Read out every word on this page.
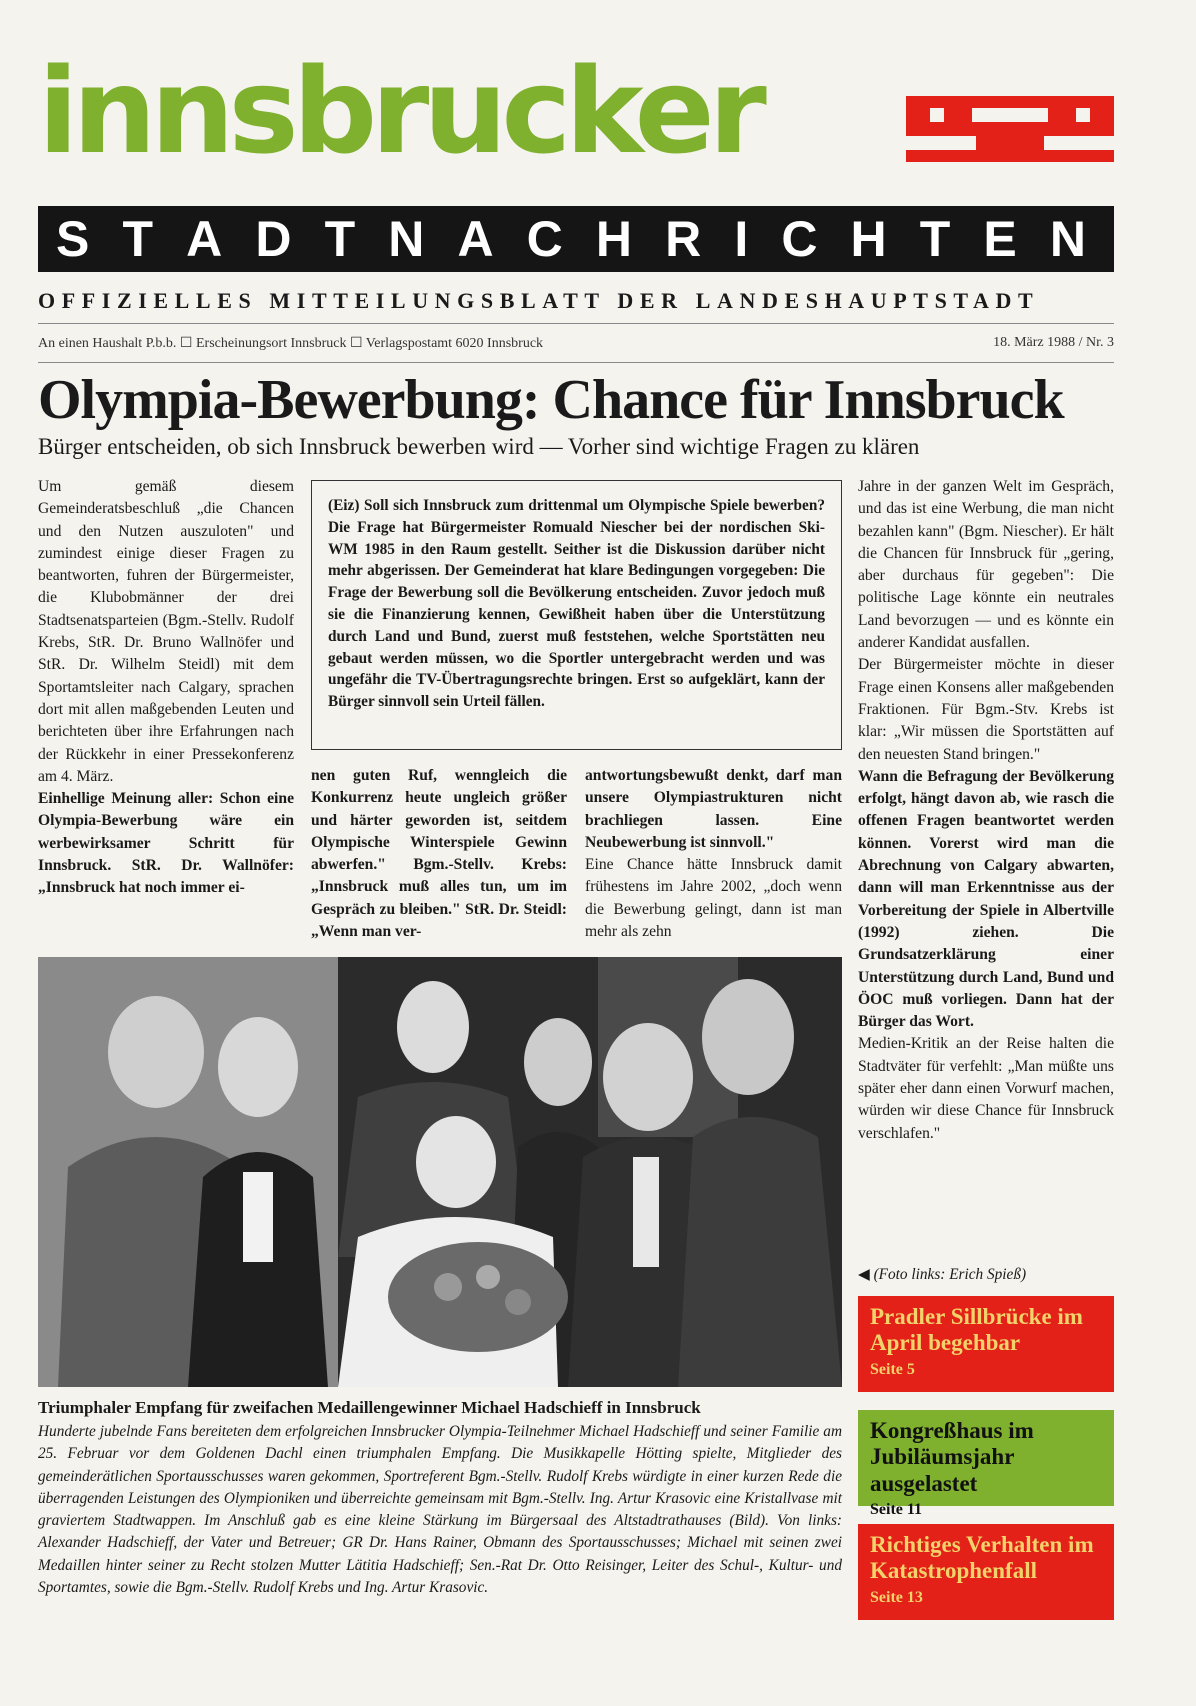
innsbrucker
S T A D T N A C H R I C H T E N
OFFIZIELLES MITTEILUNGSBLATT DER LANDESHAUPTSTADT
An einen Haushalt P.b.b. ☐ Erscheinungsort Innsbruck ☐ Verlagspostamt 6020 Innsbruck	18. März 1988 / Nr. 3
Olympia-Bewerbung: Chance für Innsbruck
Bürger entscheiden, ob sich Innsbruck bewerben wird — Vorher sind wichtige Fragen zu klären

Um gemäß diesem Gemeinderatsbeschluß „die Chancen und den Nutzen auszuloten" und zumindest einige dieser Fragen zu beantworten, fuhren der Bürgermeister, die Klubobmänner der drei Stadtsenatsparteien (Bgm.-Stellv. Rudolf Krebs, StR. Dr. Bruno Wallnöfer und StR. Dr. Wilhelm Steidl) mit dem Sportamtsleiter nach Calgary, sprachen dort mit allen maßgebenden Leuten und berichteten über ihre Erfahrungen nach der Rückkehr in einer Pressekonferenz am 4. März.

Einhellige Meinung aller: Schon eine Olympia-Bewerbung wäre ein werbewirksamer Schritt für Innsbruck. StR. Dr. Wallnöfer: „Innsbruck hat noch immer ei-

(Eiz) Soll sich Innsbruck zum drittenmal um Olympische Spiele bewerben? Die Frage hat Bürgermeister Romuald Niescher bei der nordischen Ski-WM 1985 in den Raum gestellt. Seither ist die Diskussion darüber nicht mehr abgerissen. Der Gemeinderat hat klare Bedingungen vorgegeben: Die Frage der Bewerbung soll die Bevölkerung entscheiden. Zuvor jedoch muß sie die Finanzierung kennen, Gewißheit haben über die Unterstützung durch Land und Bund, zuerst muß feststehen, welche Sportstätten neu gebaut werden müssen, wo die Sportler untergebracht werden und was ungefähr die TV-Übertragungsrechte bringen. Erst so aufgeklärt, kann der Bürger sinnvoll sein Urteil fällen.

nen guten Ruf, wenngleich die Konkurrenz heute ungleich größer und härter geworden ist, seitdem Olympische Winterspiele Gewinn abwerfen." Bgm.-Stellv. Krebs: „Innsbruck muß alles tun, um im Gespräch zu bleiben." StR. Dr. Steidl: „Wenn man ver-

antwortungsbewußt denkt, darf man unsere Olympiastrukturen nicht brachliegen lassen. Eine Neubewerbung ist sinnvoll."

Eine Chance hätte Innsbruck damit frühestens im Jahre 2002, „doch wenn die Bewerbung gelingt, dann ist man mehr als zehn

Jahre in der ganzen Welt im Gespräch, und das ist eine Werbung, die man nicht bezahlen kann" (Bgm. Niescher). Er hält die Chancen für Innsbruck für „gering, aber durchaus für gegeben": Die politische Lage könnte ein neutrales Land bevorzugen — und es könnte ein anderer Kandidat ausfallen.

Der Bürgermeister möchte in dieser Frage einen Konsens aller maßgebenden Fraktionen. Für Bgm.-Stv. Krebs ist klar: „Wir müssen die Sportstätten auf den neuesten Stand bringen."

Wann die Befragung der Bevölkerung erfolgt, hängt davon ab, wie rasch die offenen Fragen beantwortet werden können. Vorerst wird man die Abrechnung von Calgary abwarten, dann will man Erkenntnisse aus der Vorbereitung der Spiele in Albertville (1992) ziehen. Die Grundsatzerklärung einer Unterstützung durch Land, Bund und ÖOC muß vorliegen. Dann hat der Bürger das Wort.

Medien-Kritik an der Reise halten die Stadtväter für verfehlt: „Man müßte uns später eher dann einen Vorwurf machen, würden wir diese Chance für Innsbruck verschlafen."

◀ (Foto links: Erich Spieß)
Triumphaler Empfang für zweifachen Medaillengewinner Michael Hadschieff in Innsbruck
Hunderte jubelnde Fans bereiteten dem erfolgreichen Innsbrucker Olympia-Teilnehmer Michael Hadschieff und seiner Familie am 25. Februar vor dem Goldenen Dachl einen triumphalen Empfang. Die Musikkapelle Hötting spielte, Mitglieder des gemeinderätlichen Sportausschusses waren gekommen, Sportreferent Bgm.-Stellv. Rudolf Krebs würdigte in einer kurzen Rede die überragenden Leistungen des Olympioniken und überreichte gemeinsam mit Bgm.-Stellv. Ing. Artur Krasovic eine Kristallvase mit graviertem Stadtwappen. Im Anschluß gab es eine kleine Stärkung im Bürgersaal des Altstadtrathauses (Bild). Von links: Alexander Hadschieff, der Vater und Betreuer; GR Dr. Hans Rainer, Obmann des Sportausschusses; Michael mit seinen zwei Medaillen hinter seiner zu Recht stolzen Mutter Lätitia Hadschieff; Sen.-Rat Dr. Otto Reisinger, Leiter des Schul-, Kultur- und Sportamtes, sowie die Bgm.-Stellv. Rudolf Krebs und Ing. Artur Krasovic.
Pradler Sillbrücke im April begehbar
Seite 5
Kongreßhaus im Jubiläumsjahr ausgelastet
Seite 11
Richtiges Verhalten im Katastrophenfall
Seite 13
